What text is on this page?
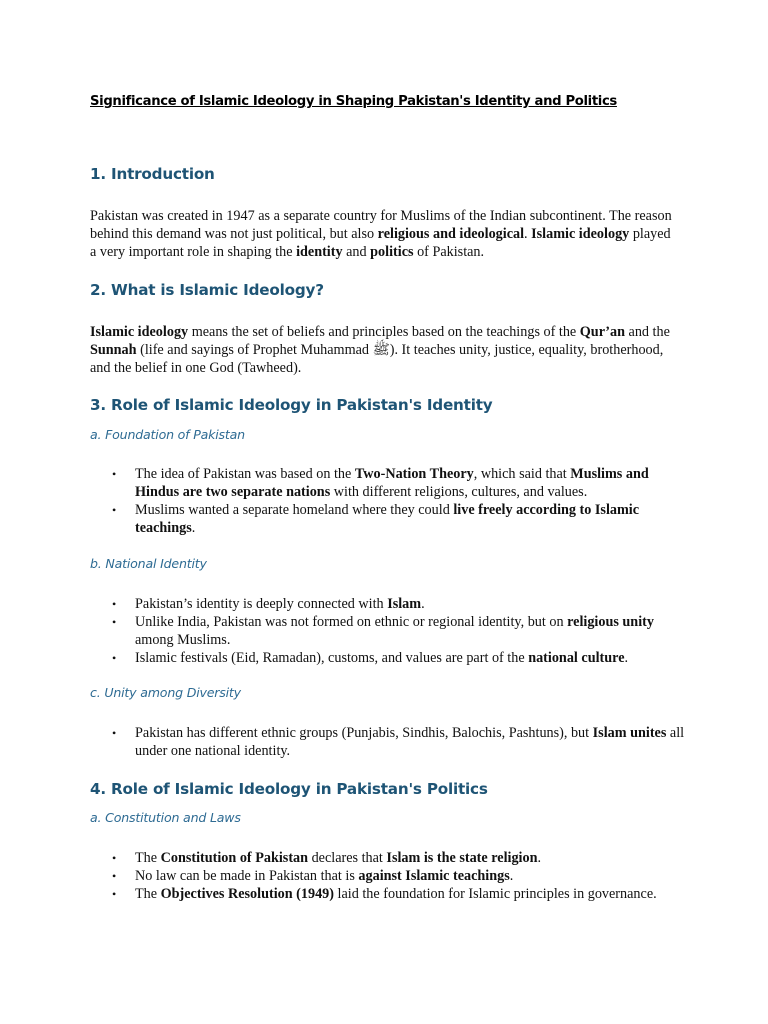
Significance of Islamic Ideology in Shaping Pakistan's Identity and Politics
1. Introduction

Pakistan was created in 1947 as a separate country for Muslims of the Indian subcontinent. The reason behind this demand was not just political, but also religious and ideological. Islamic ideology played a very important role in shaping the identity and politics of Pakistan.

2. What is Islamic Ideology?

Islamic ideology means the set of beliefs and principles based on the teachings of the Qur’an and the Sunnah (life and sayings of Prophet Muhammad ﷺ). It teaches unity, justice, equality, brotherhood, and the belief in one God (Tawheed).

3. Role of Islamic Ideology in Pakistan's Identity
a. Foundation of Pakistan
• The idea of Pakistan was based on the Two-Nation Theory, which said that Muslims and Hindus are two separate nations with different religions, cultures, and values.
• Muslims wanted a separate homeland where they could live freely according to Islamic teachings.
b. National Identity
• Pakistan’s identity is deeply connected with Islam.
• Unlike India, Pakistan was not formed on ethnic or regional identity, but on religious unity among Muslims.
• Islamic festivals (Eid, Ramadan), customs, and values are part of the national culture.
c. Unity among Diversity
• Pakistan has different ethnic groups (Punjabis, Sindhis, Balochis, Pashtuns), but Islam unites all under one national identity.
4. Role of Islamic Ideology in Pakistan's Politics
a. Constitution and Laws
• The Constitution of Pakistan declares that Islam is the state religion.
• No law can be made in Pakistan that is against Islamic teachings.
• The Objectives Resolution (1949) laid the foundation for Islamic principles in governance.
